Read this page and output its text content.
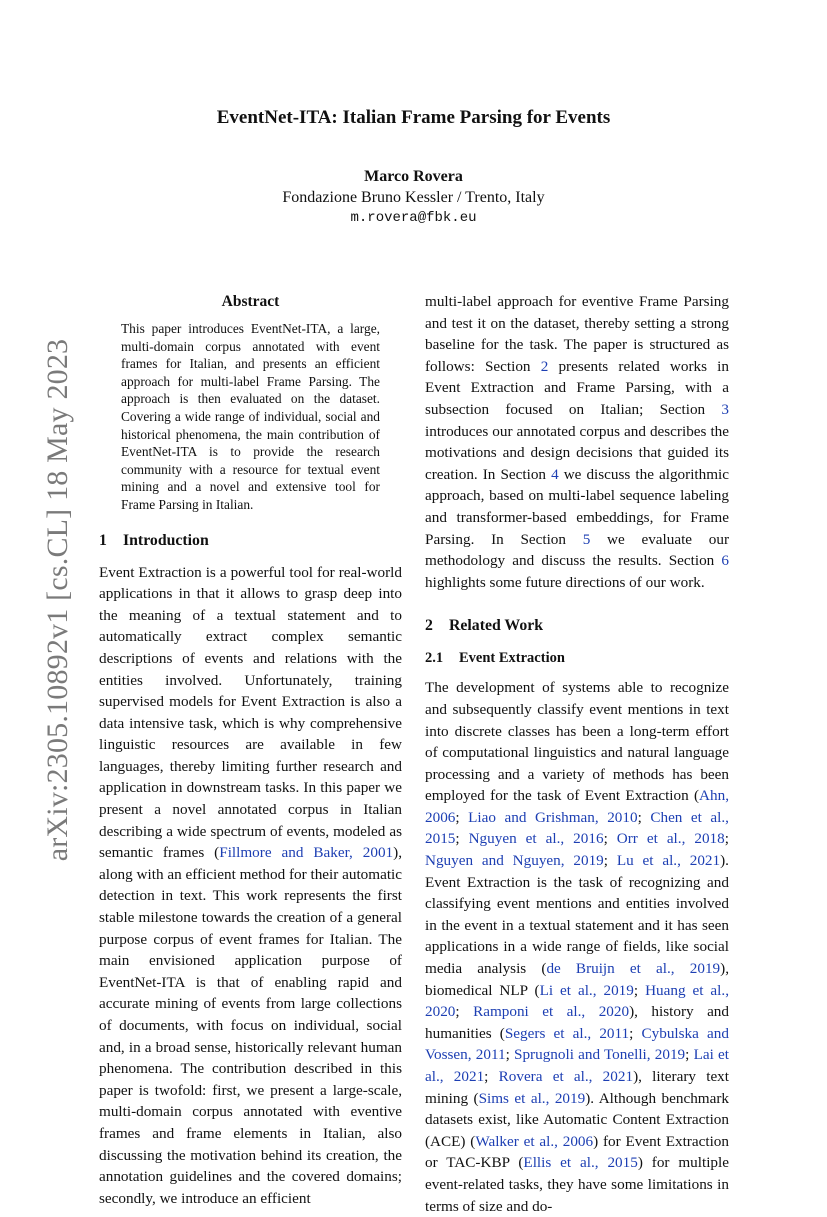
arXiv:2305.10892v1 [cs.CL] 18 May 2023
EventNet-ITA: Italian Frame Parsing for Events
Marco Rovera
Fondazione Bruno Kessler / Trento, Italy
m.rovera@fbk.eu
Abstract

This paper introduces EventNet-ITA, a large, multi-domain corpus annotated with event frames for Italian, and presents an efficient approach for multi-label Frame Parsing. The approach is then evaluated on the dataset. Covering a wide range of individual, social and historical phenomena, the main contribution of EventNet-ITA is to provide the research community with a resource for textual event mining and a novel and extensive tool for Frame Parsing in Italian.

1 Introduction

Event Extraction is a powerful tool for real-world applications in that it allows to grasp deep into the meaning of a textual statement and to automatically extract complex semantic descriptions of events and relations with the entities involved. Unfortunately, training supervised models for Event Extraction is also a data intensive task, which is why comprehensive linguistic resources are available in few languages, thereby limiting further research and application in downstream tasks. In this paper we present a novel annotated corpus in Italian describing a wide spectrum of events, modeled as semantic frames (Fillmore and Baker, 2001), along with an efficient method for their automatic detection in text. This work represents the first stable milestone towards the creation of a general purpose corpus of event frames for Italian. The main envisioned application purpose of EventNet-ITA is that of enabling rapid and accurate mining of events from large collections of documents, with focus on individual, social and, in a broad sense, historically relevant human phenomena. The contribution described in this paper is twofold: first, we present a large-scale, multi-domain corpus annotated with eventive frames and frame elements in Italian, also discussing the motivation behind its creation, the annotation guidelines and the covered domains; secondly, we introduce an efficient

multi-label approach for eventive Frame Parsing and test it on the dataset, thereby setting a strong baseline for the task. The paper is structured as follows: Section 2 presents related works in Event Extraction and Frame Parsing, with a subsection focused on Italian; Section 3 introduces our annotated corpus and describes the motivations and design decisions that guided its creation. In Section 4 we discuss the algorithmic approach, based on multi-label sequence labeling and transformer-based embeddings, for Frame Parsing. In Section 5 we evaluate our methodology and discuss the results. Section 6 highlights some future directions of our work.

2 Related Work
2.1 Event Extraction

The development of systems able to recognize and subsequently classify event mentions in text into discrete classes has been a long-term effort of computational linguistics and natural language processing and a variety of methods has been employed for the task of Event Extraction (Ahn, 2006; Liao and Grishman, 2010; Chen et al., 2015; Nguyen et al., 2016; Orr et al., 2018; Nguyen and Nguyen, 2019; Lu et al., 2021). Event Extraction is the task of recognizing and classifying event mentions and entities involved in the event in a textual statement and it has seen applications in a wide range of fields, like social media analysis (de Bruijn et al., 2019), biomedical NLP (Li et al., 2019; Huang et al., 2020; Ramponi et al., 2020), history and humanities (Segers et al., 2011; Cybulska and Vossen, 2011; Sprugnoli and Tonelli, 2019; Lai et al., 2021; Rovera et al., 2021), literary text mining (Sims et al., 2019). Although benchmark datasets exist, like Automatic Content Extraction (ACE) (Walker et al., 2006) for Event Extraction or TAC-KBP (Ellis et al., 2015) for multiple event-related tasks, they have some limitations in terms of size and do-
